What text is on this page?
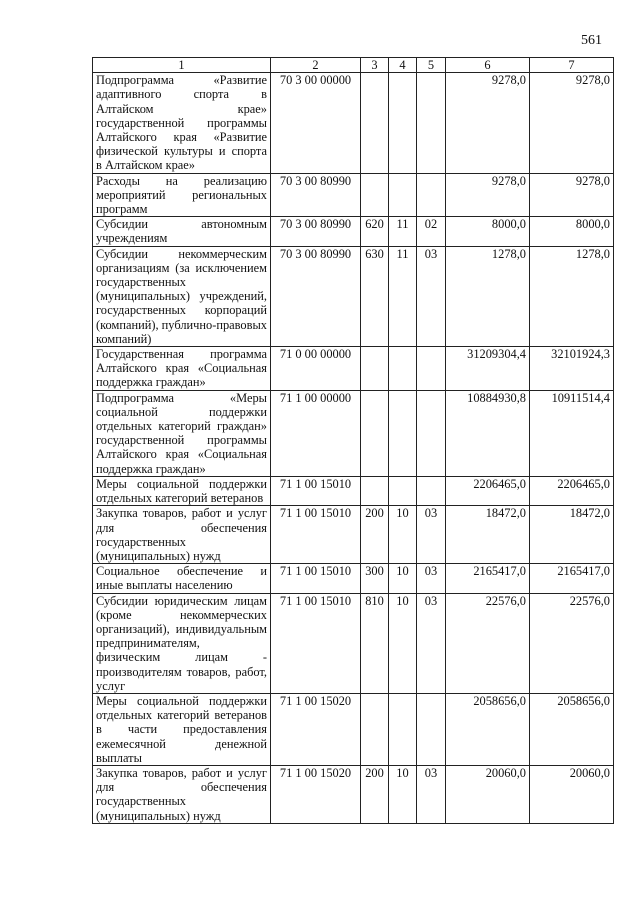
561
1	2	3	4	5	6	7
Подпрограмма «Развитие адаптивного спорта в Алтайском крае» государственной программы Алтайского края «Развитие физической культуры и спорта в Алтайском крае»	70 3 00 00000				9278,0	9278,0
Расходы на реализацию мероприятий региональных программ	70 3 00 80990				9278,0	9278,0
Субсидии автономным учреждениям	70 3 00 80990	620	11	02	8000,0	8000,0
Субсидии некоммерческим организациям (за исключением государственных (муниципальных) учреждений, государственных корпораций (компаний), публично-правовых компаний)	70 3 00 80990	630	11	03	1278,0	1278,0
Государственная программа Алтайского края «Социальная поддержка граждан»	71 0 00 00000				31209304,4	32101924,3
Подпрограмма «Меры социальной поддержки отдельных категорий граждан» государственной программы Алтайского края «Социальная поддержка граждан»	71 1 00 00000				10884930,8	10911514,4
Меры социальной поддержки отдельных категорий ветеранов	71 1 00 15010				2206465,0	2206465,0
Закупка товаров, работ и услуг для обеспечения государственных (муниципальных) нужд	71 1 00 15010	200	10	03	18472,0	18472,0
Социальное обеспечение и иные выплаты населению	71 1 00 15010	300	10	03	2165417,0	2165417,0
Субсидии юридическим лицам (кроме некоммерческих организаций), индивидуальным предпринимателям, физическим лицам - производителям товаров, работ, услуг	71 1 00 15010	810	10	03	22576,0	22576,0
Меры социальной поддержки отдельных категорий ветеранов в части предоставления ежемесячной денежной выплаты	71 1 00 15020				2058656,0	2058656,0
Закупка товаров, работ и услуг для обеспечения государственных (муниципальных) нужд	71 1 00 15020	200	10	03	20060,0	20060,0
